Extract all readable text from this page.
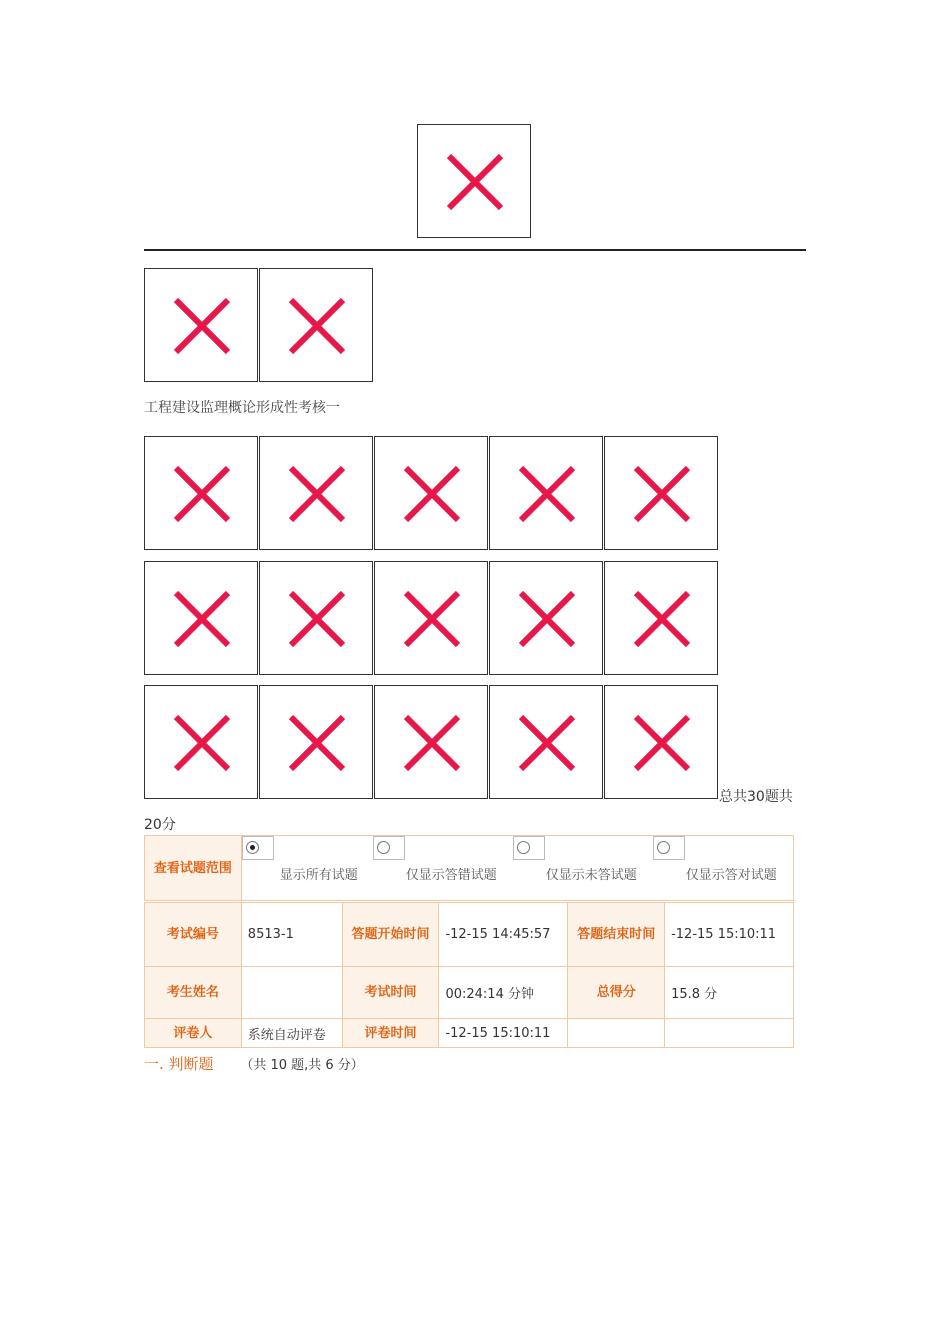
工程建设监理概论形成性考核一
总共30题共
20分
查看试题范围	显示所有试题 仅显示答错试题 仅显示未答试题 仅显示答对试题				

考试编号	8513-1	答题开始时间	-12-15 14:45:57	答题结束时间	-12-15 15:10:11
考生姓名		考试时间	00:24:14 分钟	总得分	15.8 分
评卷人	系统自动评卷	评卷时间	-12-15 15:10:11		
一. 判断题 （共 10 题,共 6 分）
